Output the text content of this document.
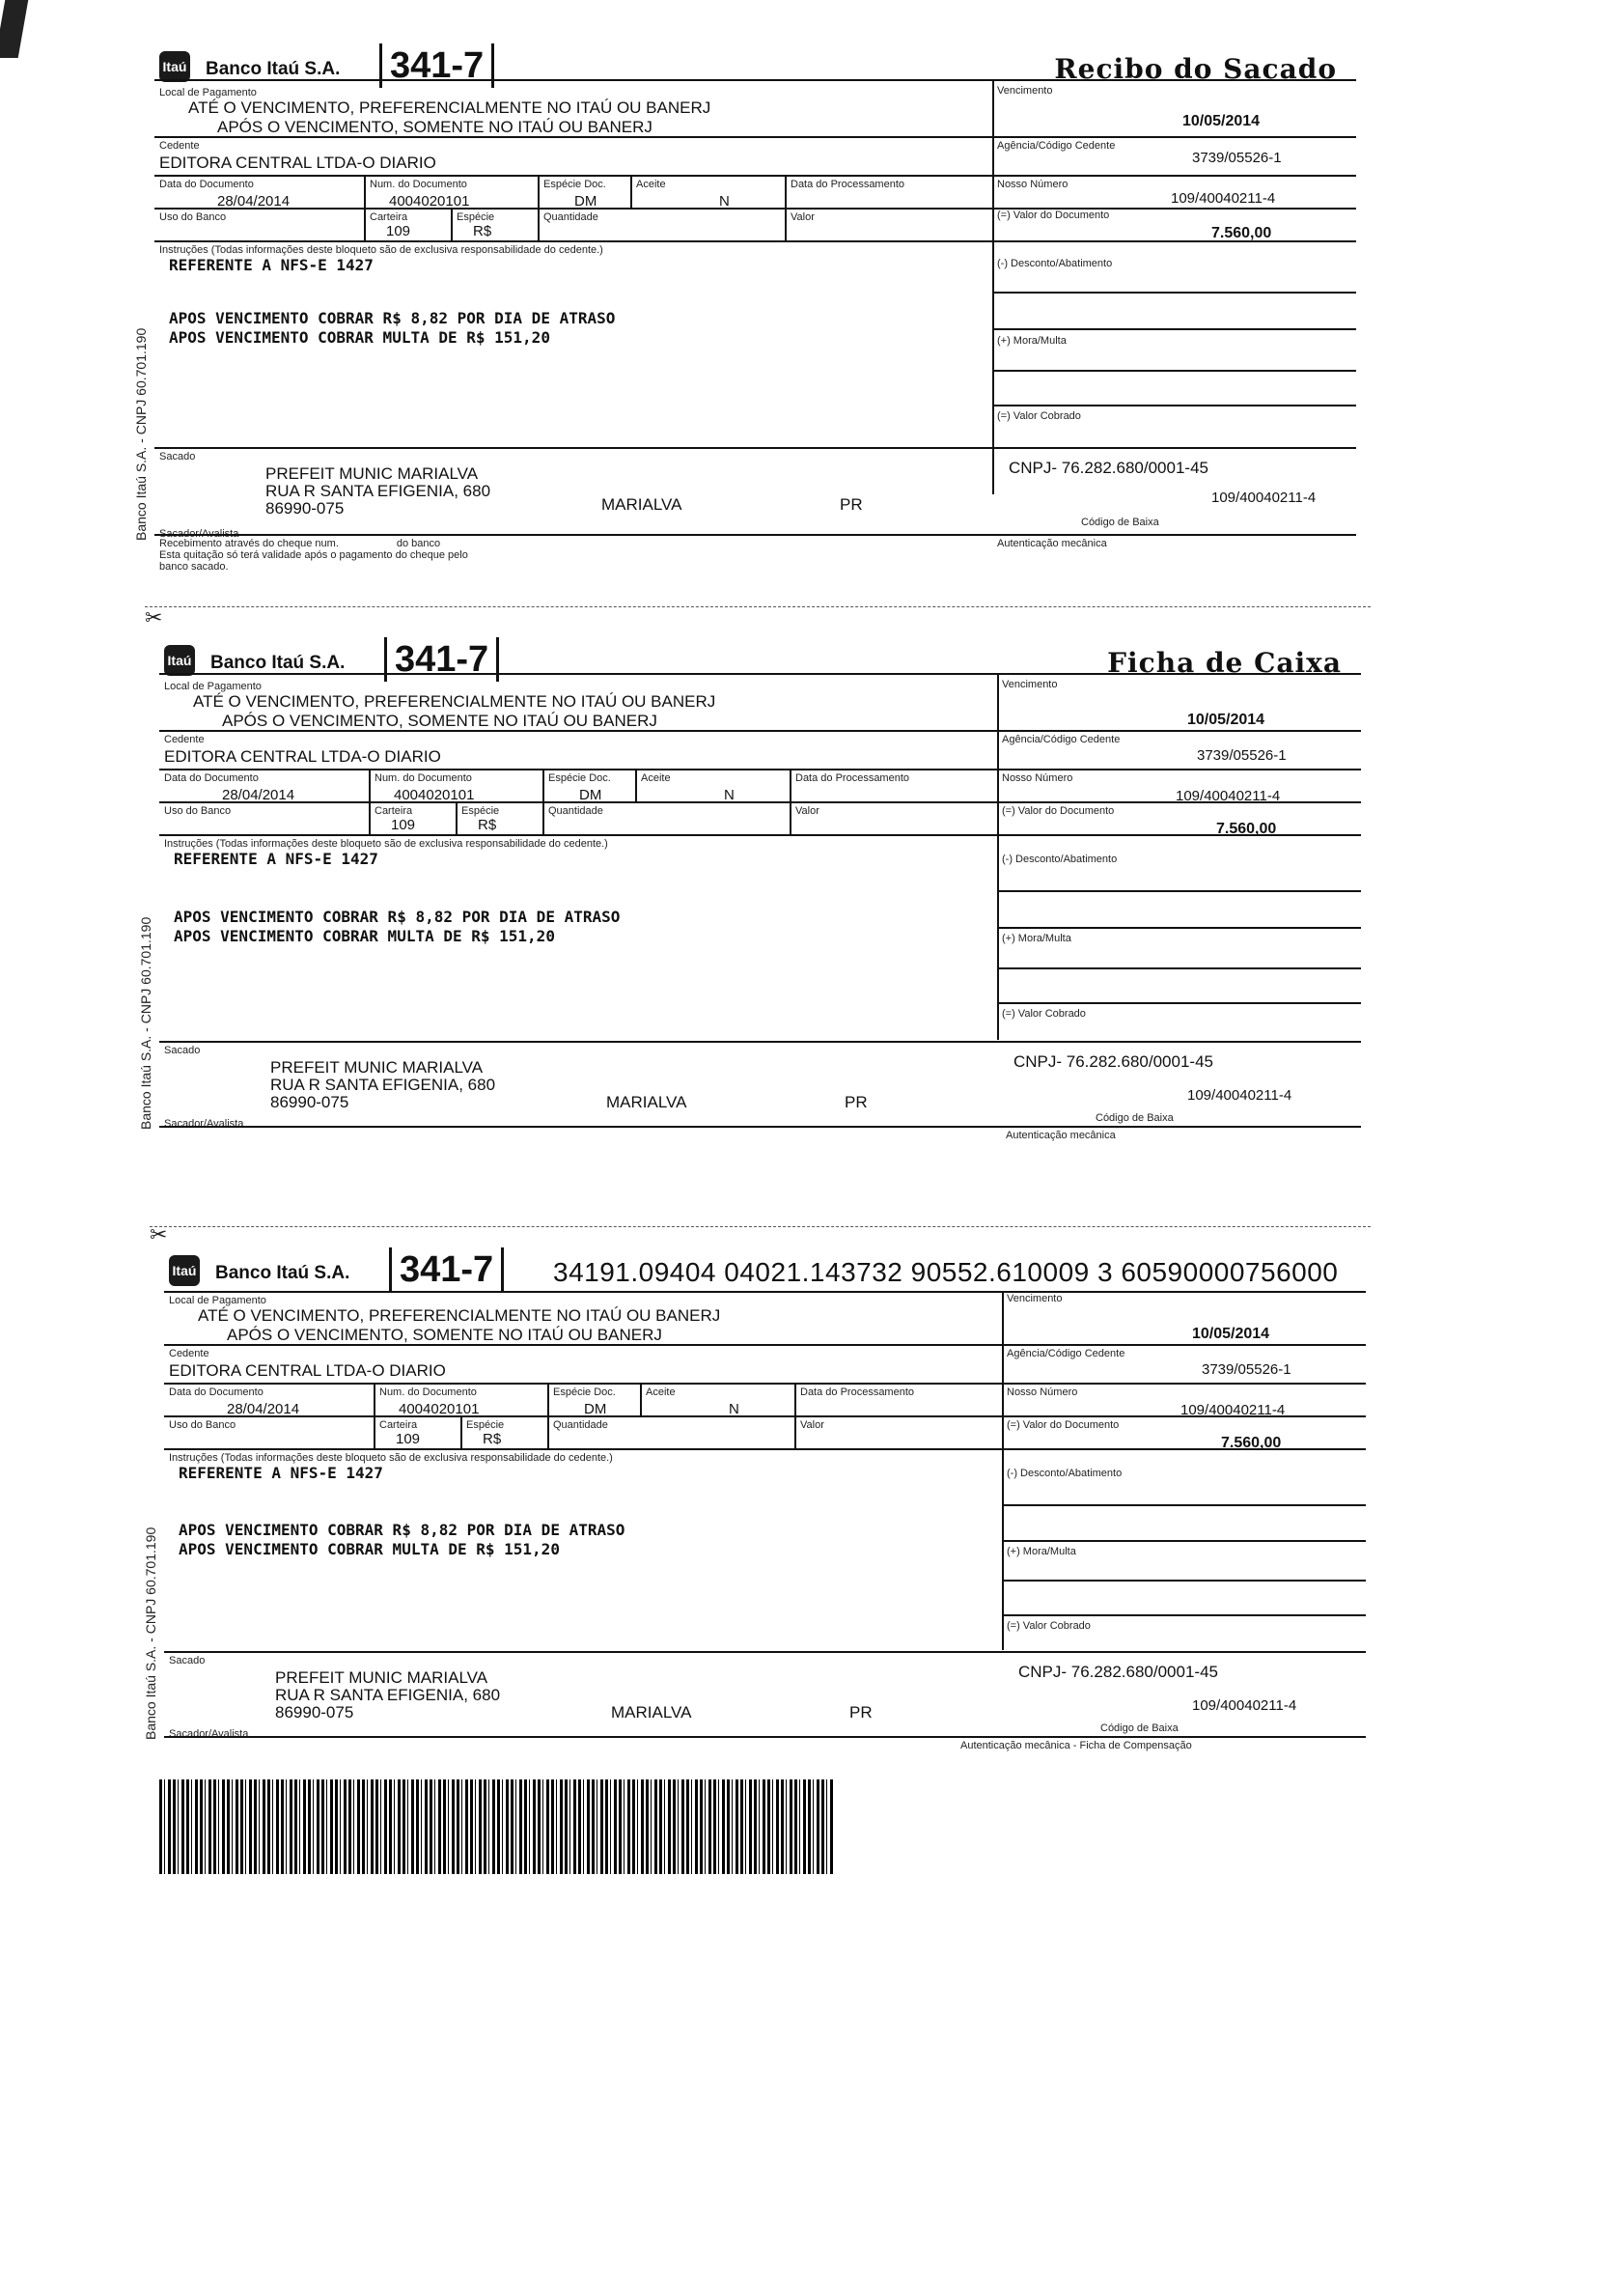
Itaú Banco Itaú S.A. 341-7	Recibo do Sacado
Local de Pagamento
ATÉ O VENCIMENTO, PREFERENCIALMENTE NO ITAÚ OU BANERJ
APÓS O VENCIMENTO, SOMENTE NO ITAÚ OU BANERJ
Vencimento
10/05/2014
Cedente
EDITORA CENTRAL LTDA-O DIARIO
Agência/Código Cedente
3739/05526-1
Data do Documento
28/04/2014
Num. do Documento
4004020101
Espécie Doc.
DM
Aceite
N
Data do Processamento	Nosso Número
109/40040211-4
Uso do Banco	Carteira
109
Espécie
R$
Quantidade	Valor	(=) Valor do Documento
7.560,00
Instruções (Todas informações deste bloqueto são de exclusiva responsabilidade do cedente.)
REFERENTE A NFS-E 1427
APOS VENCIMENTO COBRAR R$ 8,82 POR DIA DE ATRASO
APOS VENCIMENTO COBRAR MULTA DE R$ 151,20
(-) Desconto/Abatimento
(+) Mora/Multa
(=) Valor Cobrado
Sacado
PREFEIT MUNIC MARIALVA
RUA R SANTA EFIGENIA, 680
86990-075	MARIALVA	PR
CNPJ- 76.282.680/0001-45
109/40040211-4
Sacador/Avalista
Código de Baixa
Autenticação mecânica
Recebimento através do cheque num.	do banco
Esta quitação só terá validade após o pagamento do cheque pelo
banco sacado.
Banco Itaú S.A. - CNPJ 60.701.190
✂
Itaú Banco Itaú S.A. 341-7	Ficha de Caixa
Local de Pagamento
ATÉ O VENCIMENTO, PREFERENCIALMENTE NO ITAÚ OU BANERJ
APÓS O VENCIMENTO, SOMENTE NO ITAÚ OU BANERJ
Vencimento
10/05/2014
Cedente
EDITORA CENTRAL LTDA-O DIARIO
Agência/Código Cedente
3739/05526-1
Data do Documento
28/04/2014
Num. do Documento
4004020101
Espécie Doc.
DM
Aceite
N
Data do Processamento	Nosso Número
109/40040211-4
Uso do Banco	Carteira
109
Espécie
R$
Quantidade	Valor	(=) Valor do Documento
7.560,00
Instruções (Todas informações deste bloqueto são de exclusiva responsabilidade do cedente.)
REFERENTE A NFS-E 1427
APOS VENCIMENTO COBRAR R$ 8,82 POR DIA DE ATRASO
APOS VENCIMENTO COBRAR MULTA DE R$ 151,20
(-) Desconto/Abatimento
(+) Mora/Multa
(=) Valor Cobrado
Sacado
PREFEIT MUNIC MARIALVA
RUA R SANTA EFIGENIA, 680
86990-075	MARIALVA	PR
CNPJ- 76.282.680/0001-45
109/40040211-4
Sacador/Avalista	Código de Baixa
Autenticação mecânica
Banco Itaú S.A. - CNPJ 60.701.190
✂
Itaú Banco Itaú S.A. 341-7	34191.09404 04021.143732 90552.610009 3 60590000756000
Local de Pagamento
ATÉ O VENCIMENTO, PREFERENCIALMENTE NO ITAÚ OU BANERJ
APÓS O VENCIMENTO, SOMENTE NO ITAÚ OU BANERJ
Vencimento
10/05/2014
Cedente
EDITORA CENTRAL LTDA-O DIARIO
Agência/Código Cedente
3739/05526-1
Data do Documento
28/04/2014
Num. do Documento
4004020101
Espécie Doc.
DM
Aceite
N
Data do Processamento	Nosso Número
109/40040211-4
Uso do Banco	Carteira
109
Espécie
R$
Quantidade	Valor	(=) Valor do Documento
7.560,00
Instruções (Todas informações deste bloqueto são de exclusiva responsabilidade do cedente.)
REFERENTE A NFS-E 1427
APOS VENCIMENTO COBRAR R$ 8,82 POR DIA DE ATRASO
APOS VENCIMENTO COBRAR MULTA DE R$ 151,20
(-) Desconto/Abatimento
(+) Mora/Multa
(=) Valor Cobrado
Sacado
PREFEIT MUNIC MARIALVA
RUA R SANTA EFIGENIA, 680
86990-075	MARIALVA	PR
CNPJ- 76.282.680/0001-45
109/40040211-4
Sacador/Avalista	Código de Baixa
Autenticação mecânica - Ficha de Compensação
Banco Itaú S.A. - CNPJ 60.701.190
